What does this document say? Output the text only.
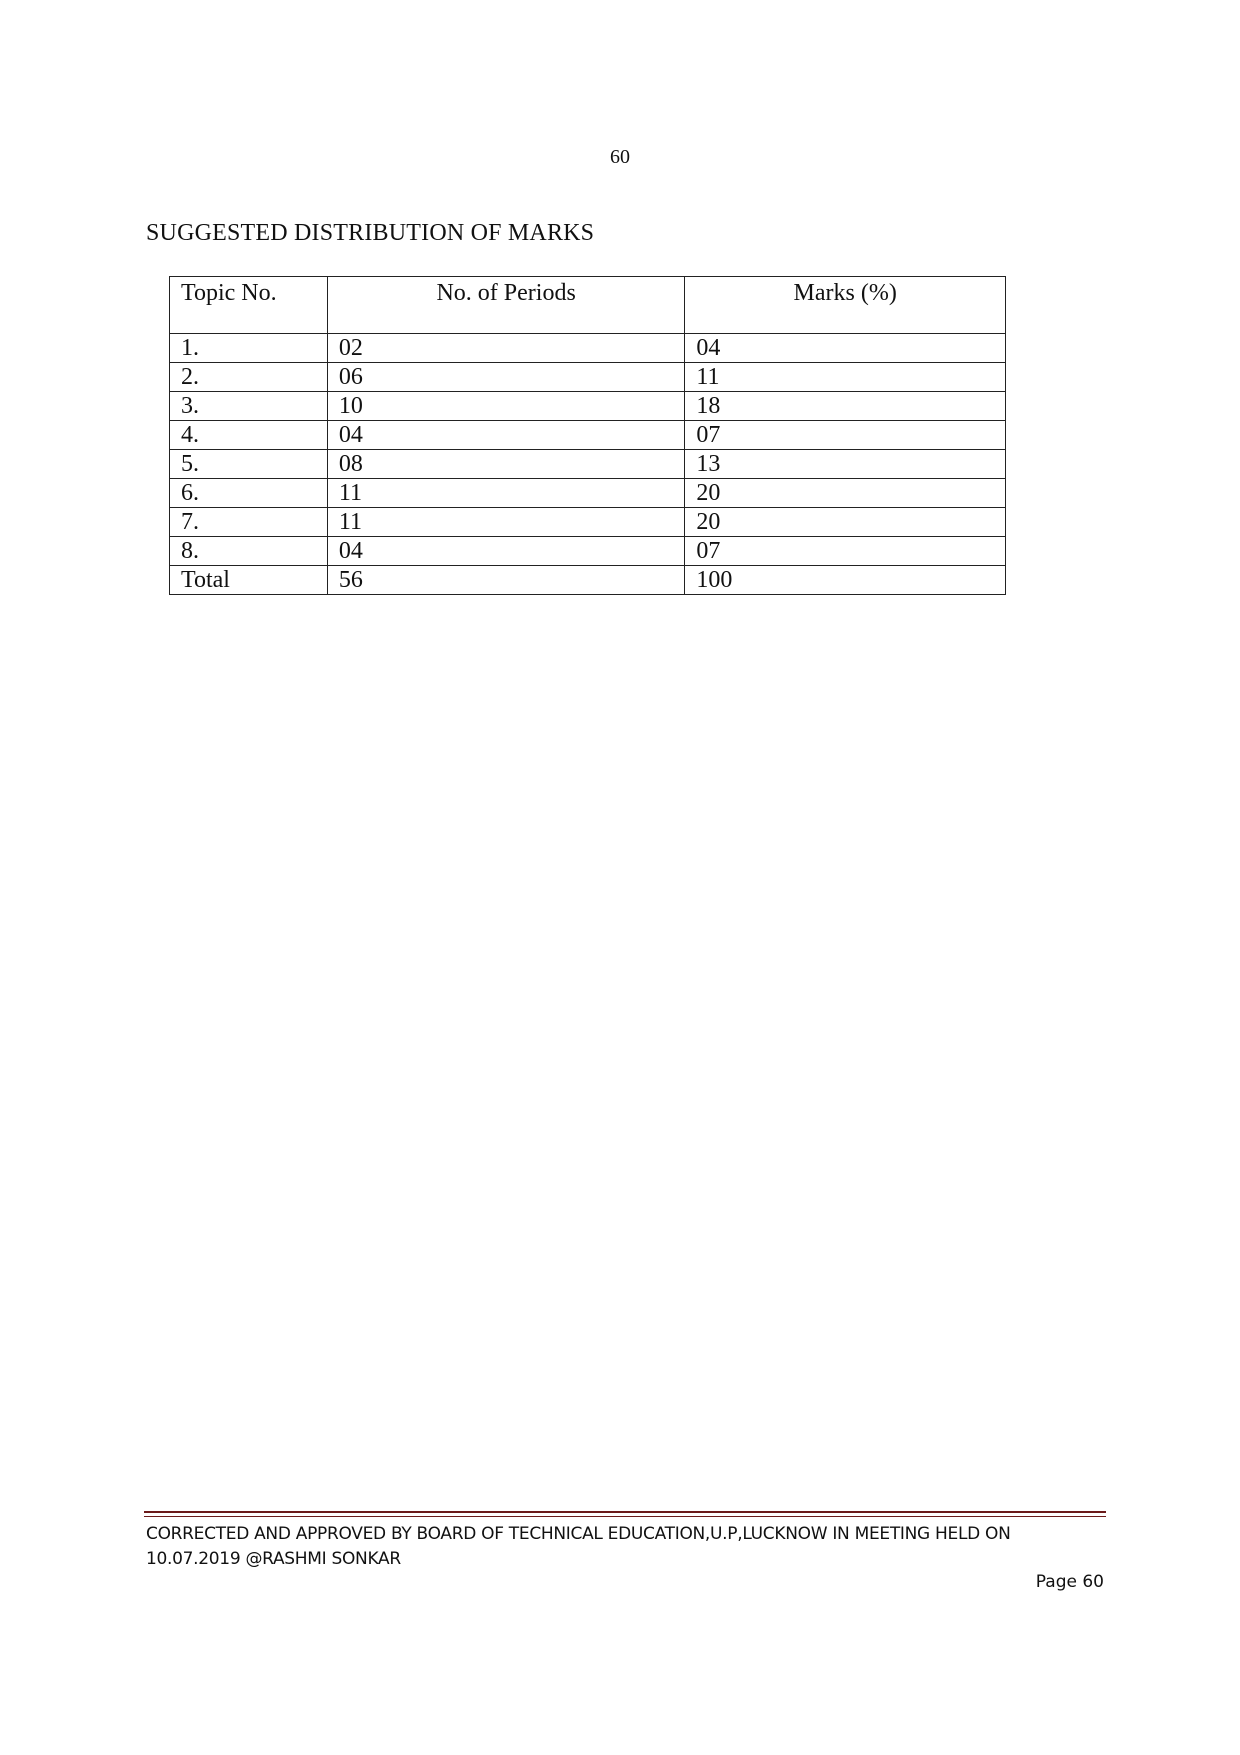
60
SUGGESTED DISTRIBUTION OF MARKS
Topic No.	No. of Periods	Marks (%)
1.	02	04
2.	06	11
3.	10	18
4.	04	07
5.	08	13
6.	11	20
7.	11	20
8.	04	07
Total	56	100
CORRECTED AND APPROVED BY BOARD OF TECHNICAL EDUCATION,U.P,LUCKNOW IN MEETING HELD ON
10.07.2019 @RASHMI SONKAR
Page 60
